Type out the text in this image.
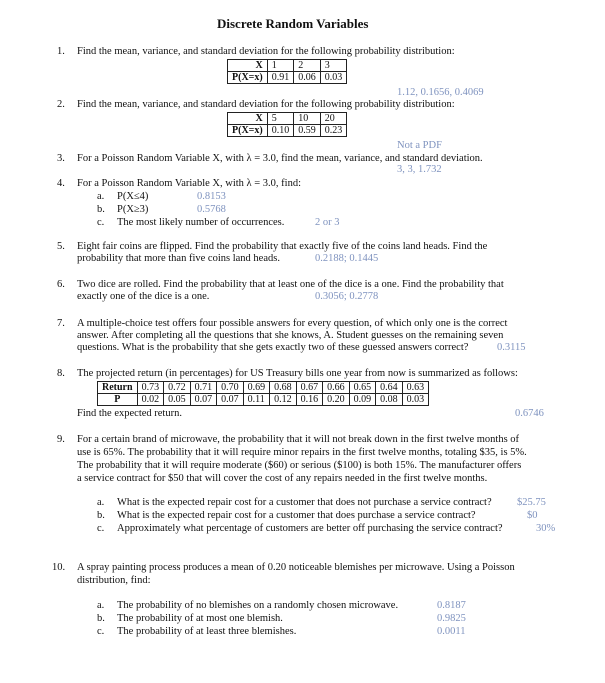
Discrete Random Variables
1. Find the mean, variance, and standard deviation for the following probability distribution:
X	1	2	3
P(X=x)	0.91	0.06	0.03
1.12, 0.1656, 0.4069
2. Find the mean, variance, and standard deviation for the following probability distribution:
X	5	10	20
P(X=x)	0.10	0.59	0.23
Not a PDF
3. For a Poisson Random Variable X, with λ = 3.0, find the mean, variance, and standard deviation.
3, 3, 1.732
4. For a Poisson Random Variable X, with λ = 3.0, find:
a. P(X≤4)	0.8153
b. P(X≥3)	0.5768
c. The most likely number of occurrences.	2 or 3
5. Eight fair coins are flipped. Find the probability that exactly five of the coins land heads. Find the
probability that more than five coins land heads.	0.2188; 0.1445
6. Two dice are rolled. Find the probability that at least one of the dice is a one. Find the probability that
exactly one of the dice is a one.	0.3056; 0.2778
7. A multiple-choice test offers four possible answers for every question, of which only one is the correct
answer. After completing all the questions that she knows, A. Student guesses on the remaining seven
questions. What is the probability that she gets exactly two of these guessed answers correct?	0.3115
8. The projected return (in percentages) for US Treasury bills one year from now is summarized as follows:
Return	0.73	0.72	0.71	0.70	0.69	0.68	0.67	0.66	0.65	0.64	0.63
P	0.02	0.05	0.07	0.07	0.11	0.12	0.16	0.20	0.09	0.08	0.03
Find the expected return.	0.6746
9. For a certain brand of microwave, the probability that it will not break down in the first twelve months of
use is 65%. The probability that it will require minor repairs in the first twelve months, totaling $35, is 5%.
The probability that it will require moderate ($60) or serious ($100) is both 15%. The manufacturer offers
a service contract for $50 that will cover the cost of any repairs needed in the first twelve months.
a. What is the expected repair cost for a customer that does not purchase a service contract? $25.75
b. What is the expected repair cost for a customer that does purchase a service contract?	$0
c. Approximately what percentage of customers are better off purchasing the service contract?	30%
10. A spray painting process produces a mean of 0.20 noticeable blemishes per microwave. Using a Poisson
distribution, find:
a. The probability of no blemishes on a randomly chosen microwave.	0.8187
b. The probability of at most one blemish.	0.9825
c. The probability of at least three blemishes.	0.0011
